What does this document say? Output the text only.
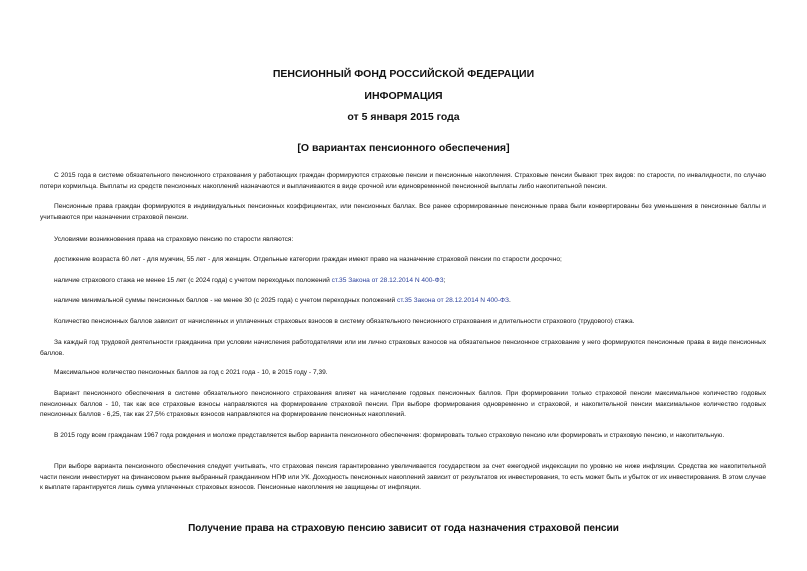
ПЕНСИОННЫЙ ФОНД РОССИЙСКОЙ ФЕДЕРАЦИИ
ИНФОРМАЦИЯ
от 5 января 2015 года
[О вариантах пенсионного обеспечения]

С 2015 года в системе обязательного пенсионного страхования у работающих граждан формируются страховые пенсии и пенсионные накопления. Страховые пенсии бывают трех видов: по старости, по инвалидности, по случаю потери кормильца. Выплаты из средств пенсионных накоплений назначаются и выплачиваются в виде срочной или единовременной пенсионной выплаты либо накопительной пенсии.

Пенсионные права граждан формируются в индивидуальных пенсионных коэффициентах, или пенсионных баллах. Все ранее сформированные пенсионные права были конвертированы без уменьшения в пенсионные баллы и учитываются при назначении страховой пенсии.

Условиями возникновения права на страховую пенсию по старости являются:

достижение возраста 60 лет - для мужчин, 55 лет - для женщин. Отдельные категории граждан имеют право на назначение страховой пенсии по старости досрочно;

наличие страхового стажа не менее 15 лет (с 2024 года) с учетом переходных положений ст.35 Закона от 28.12.2014 N 400-ФЗ;

наличие минимальной суммы пенсионных баллов - не менее 30 (с 2025 года) с учетом переходных положений ст.35 Закона от 28.12.2014 N 400-ФЗ.

Количество пенсионных баллов зависит от начисленных и уплаченных страховых взносов в систему обязательного пенсионного страхования и длительности страхового (трудового) стажа.

За каждый год трудовой деятельности гражданина при условии начисления работодателями или им лично страховых взносов на обязательное пенсионное страхование у него формируются пенсионные права в виде пенсионных баллов.

Максимальное количество пенсионных баллов за год с 2021 года - 10, в 2015 году - 7,39.

Вариант пенсионного обеспечения в системе обязательного пенсионного страхования влияет на начисление годовых пенсионных баллов. При формировании только страховой пенсии максимальное количество годовых пенсионных баллов - 10, так как все страховые взносы направляются на формирование страховой пенсии. При выборе формирования одновременно и страховой, и накопительной пенсии максимальное количество годовых пенсионных баллов - 6,25, так как 27,5% страховых взносов направляются на формирование пенсионных накоплений.

В 2015 году всем гражданам 1967 года рождения и моложе представляется выбор варианта пенсионного обеспечения: формировать только страховую пенсию или формировать и страховую пенсию, и накопительную.

При выборе варианта пенсионного обеспечения следует учитывать, что страховая пенсия гарантированно увеличивается государством за счет ежегодной индексации по уровню не ниже инфляции. Средства же накопительной части пенсии инвестирует на финансовом рынке выбранный гражданином НПФ или УК. Доходность пенсионных накоплений зависит от результатов их инвестирования, то есть может быть и убыток от их инвестирования. В этом случае к выплате гарантируется лишь сумма уплаченных страховых взносов. Пенсионные накопления не защищены от инфляции.

Получение права на страховую пенсию зависит от года назначения страховой пенсии
